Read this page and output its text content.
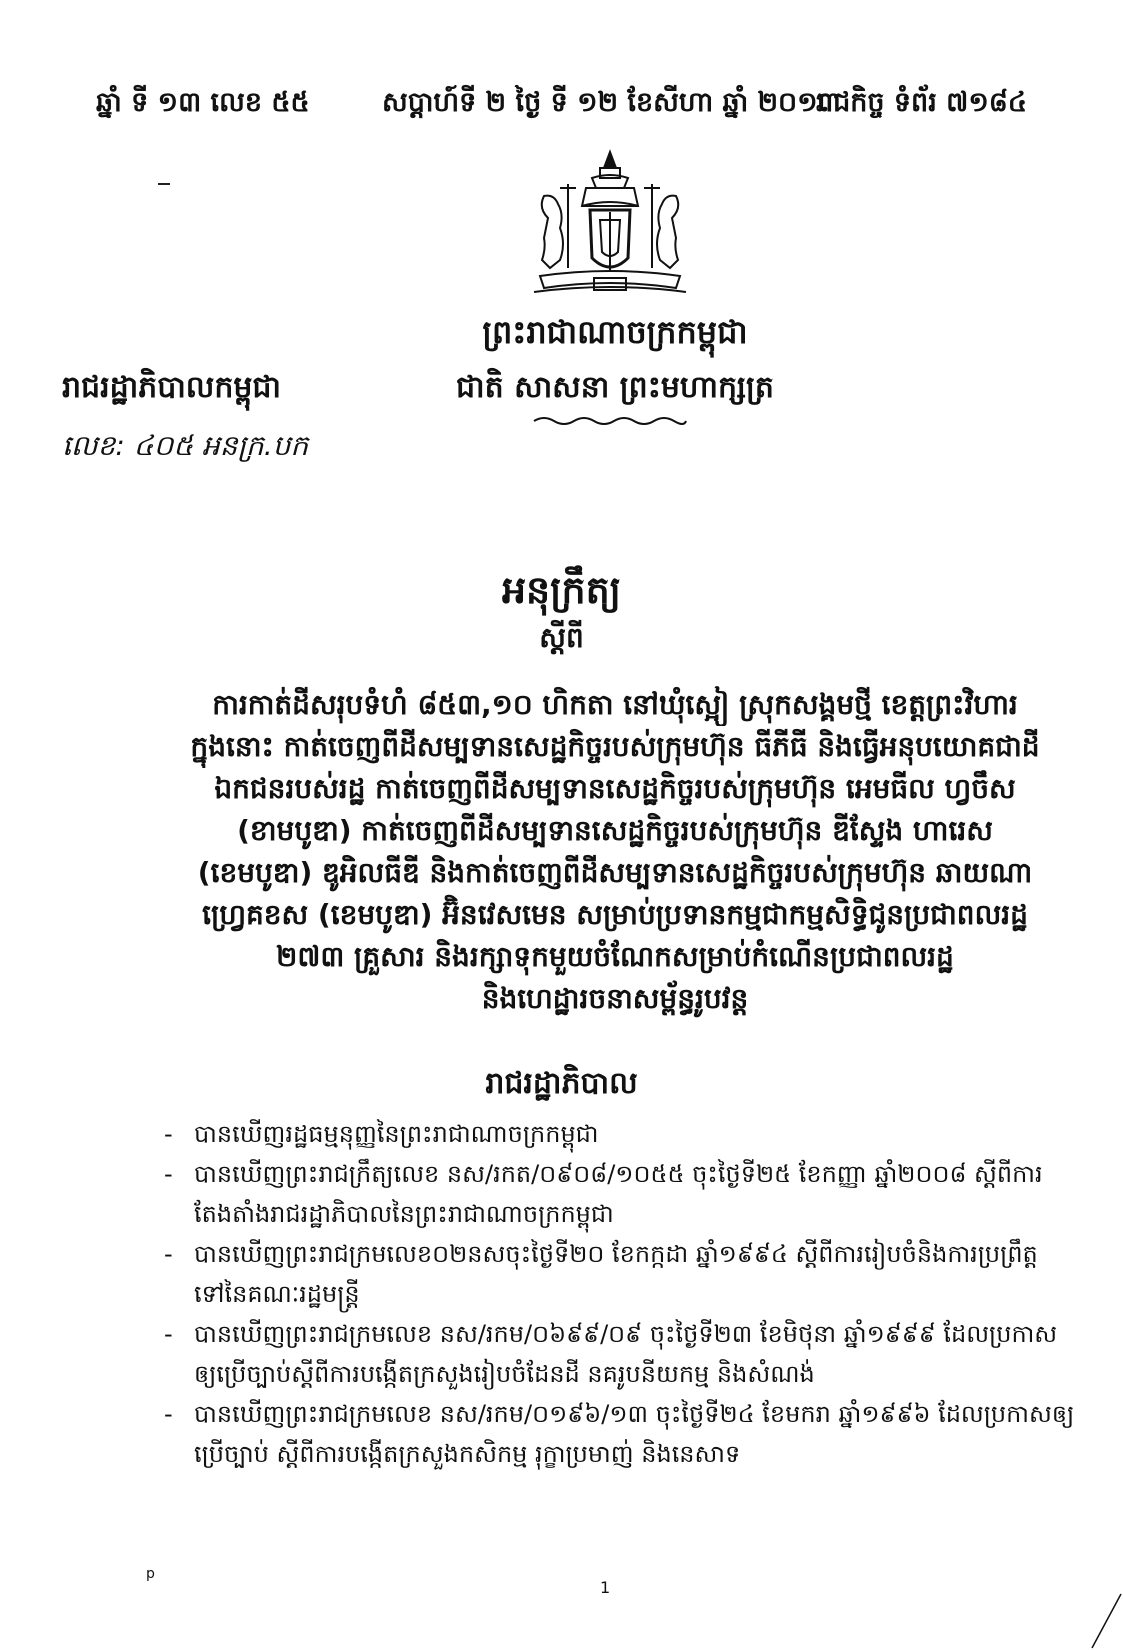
ឆ្នាំ ទី ១៣ លេខ ៥៥	សប្តាហ៍ទី ២ ថ្ងៃ ទី ១២ ខែសីហា ឆ្នាំ ២០១៣
រាជកិច្ច ទំព័រ ៧១៨៤
ព្រះរាជាណាចក្រកម្ពុជា
ជាតិ សាសនា ព្រះមហាក្សត្រ
រាជរដ្ឋាភិបាលកម្ពុជា
លេខ: ៤០៥ អនក្រ.បក
អនុក្រឹត្យ
ស្តីពី
ការកាត់ដីសរុបទំហំ ៨៥៣,១០ ហិកតា នៅឃុំស្អៀ ស្រុកសង្គមថ្មី ខេត្តព្រះវិហារ
ក្នុងនោះ កាត់ចេញពីដីសម្បទានសេដ្ឋកិច្ចរបស់ក្រុមហ៊ុន ធីភីធី និងធ្វើអនុបយោគជាដី
ឯកជនរបស់រដ្ឋ កាត់ចេញពីដីសម្បទានសេដ្ឋកិច្ចរបស់ក្រុមហ៊ុន អេមធីល ហ្វចឹស
(ខាមបូឌា) កាត់ចេញពីដីសម្បទានសេដ្ឋកិច្ចរបស់ក្រុមហ៊ុន ឌីស្ទែង ហារេស
(ខេមបូឌា) ឌូអិលធីឌី និងកាត់ចេញពីដីសម្បទានសេដ្ឋកិច្ចរបស់ក្រុមហ៊ុន ឆាយណា
ហ្វ្រេគខស (ខេមបូឌា) អ៊ិនវេសមេន សម្រាប់ប្រទានកម្មជាកម្មសិទ្ធិជូនប្រជាពលរដ្ឋ
២៧៣ គ្រួសារ និងរក្សាទុកមួយចំណែកសម្រាប់កំណើនប្រជាពលរដ្ឋ
និងហេដ្ឋារចនាសម្ព័ន្ធរូបវន្ត
រាជរដ្ឋាភិបាល
- បានឃើញរដ្ឋធម្មនុញ្ញនៃព្រះរាជាណាចក្រកម្ពុជា
- បានឃើញព្រះរាជក្រឹត្យលេខ នស/រកត/០៩០៨/១០៥៥ ចុះថ្ងៃទី២៥ ខែកញ្ញា ឆ្នាំ២០០៨ ស្តីពីការ
តែងតាំងរាជរដ្ឋាភិបាលនៃព្រះរាជាណាចក្រកម្ពុជា
- បានឃើញព្រះរាជក្រមលេខ០២នសចុះថ្ងៃទី២០ ខែកក្កដា ឆ្នាំ១៩៩៤ ស្តីពីការរៀបចំនិងការប្រព្រឹត្ត
ទៅនៃគណៈរដ្ឋមន្ត្រី
- បានឃើញព្រះរាជក្រមលេខ នស/រកម/០៦៩៩/០៩ ចុះថ្ងៃទី២៣ ខែមិថុនា ឆ្នាំ១៩៩៩ ដែលប្រកាស
ឲ្យប្រើច្បាប់ស្តីពីការបង្កើតក្រសួងរៀបចំដែនដី នគរូបនីយកម្ម និងសំណង់
- បានឃើញព្រះរាជក្រមលេខ នស/រកម/០១៩៦/១៣ ចុះថ្ងៃទី២៤ ខែមករា ឆ្នាំ១៩៩៦ ដែលប្រកាសឲ្យ
ប្រើច្បាប់ ស្តីពីការបង្កើតក្រសួងកសិកម្ម រុក្ខាប្រមាញ់ និងនេសាទ
p
1
